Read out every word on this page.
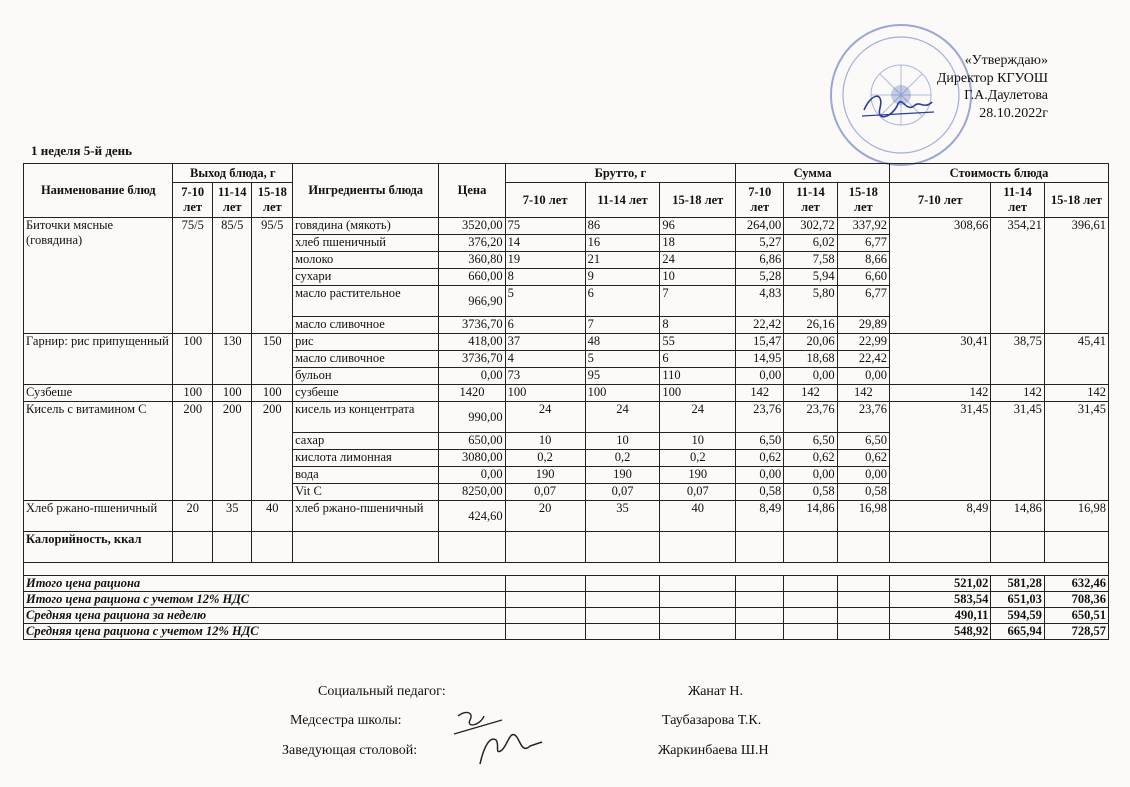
«Утверждаю»
Директор КГУОШ
Г.А.Даулетова
28.10.2022г
1 неделя 5-й день
Наименование блюд	Выход блюда, г			Ингредиенты блюда	Цена	Брутто, г			Сумма			Стоимость блюда		
	7-10 лет	11-14 лет	15-18 лет			7-10 лет	11-14 лет	15-18 лет	7-10 лет	11-14 лет	15-18 лет	7-10 лет	11-14 лет	15-18 лет
Биточки мясные (говядина)	75/5	85/5	95/5	говядина (мякоть)	3520,00	75	86	96	264,00	302,72	337,92	308,66	354,21	396,61
				хлеб пшеничный	376,20	14	16	18	5,27	6,02	6,77			
				молоко	360,80	19	21	24	6,86	7,58	8,66			
				сухари	660,00	8	9	10	5,28	5,94	6,60			
				масло растительное	966,90	5	6	7	4,83	5,80	6,77			
				масло сливочное	3736,70	6	7	8	22,42	26,16	29,89			
Гарнир: рис припущенный	100	130	150	рис	418,00	37	48	55	15,47	20,06	22,99	30,41	38,75	45,41
				масло сливочное	3736,70	4	5	6	14,95	18,68	22,42			
				бульон	0,00	73	95	110	0,00	0,00	0,00			
Сузбеше	100	100	100	сузбеше	1420	100	100	100	142	142	142	142	142	142
Кисель с витамином С	200	200	200	кисель из концентрата	990,00	24	24	24	23,76	23,76	23,76	31,45	31,45	31,45
				сахар	650,00	10	10	10	6,50	6,50	6,50			
				кислота лимонная	3080,00	0,2	0,2	0,2	0,62	0,62	0,62			
				вода	0,00	190	190	190	0,00	0,00	0,00			
				Vit C	8250,00	0,07	0,07	0,07	0,58	0,58	0,58			
Хлеб ржано-пшеничный	20	35	40	хлеб ржано-пшеничный	424,60	20	35	40	8,49	14,86	16,98	8,49	14,86	16,98
Калорийность, ккал														

Итого цена рациона												521,02	581,28	632,46
Итого цена рациона с учетом 12% НДС												583,54	651,03	708,36
Средняя цена рациона за неделю												490,11	594,59	650,51
Средняя цена рациона с учетом 12% НДС												548,92	665,94	728,57
Социальный педагог:	Жанат Н.
Медсестра школы:	Таубазарова Т.К.
Заведующая столовой:	Жаркинбаева Ш.Н
